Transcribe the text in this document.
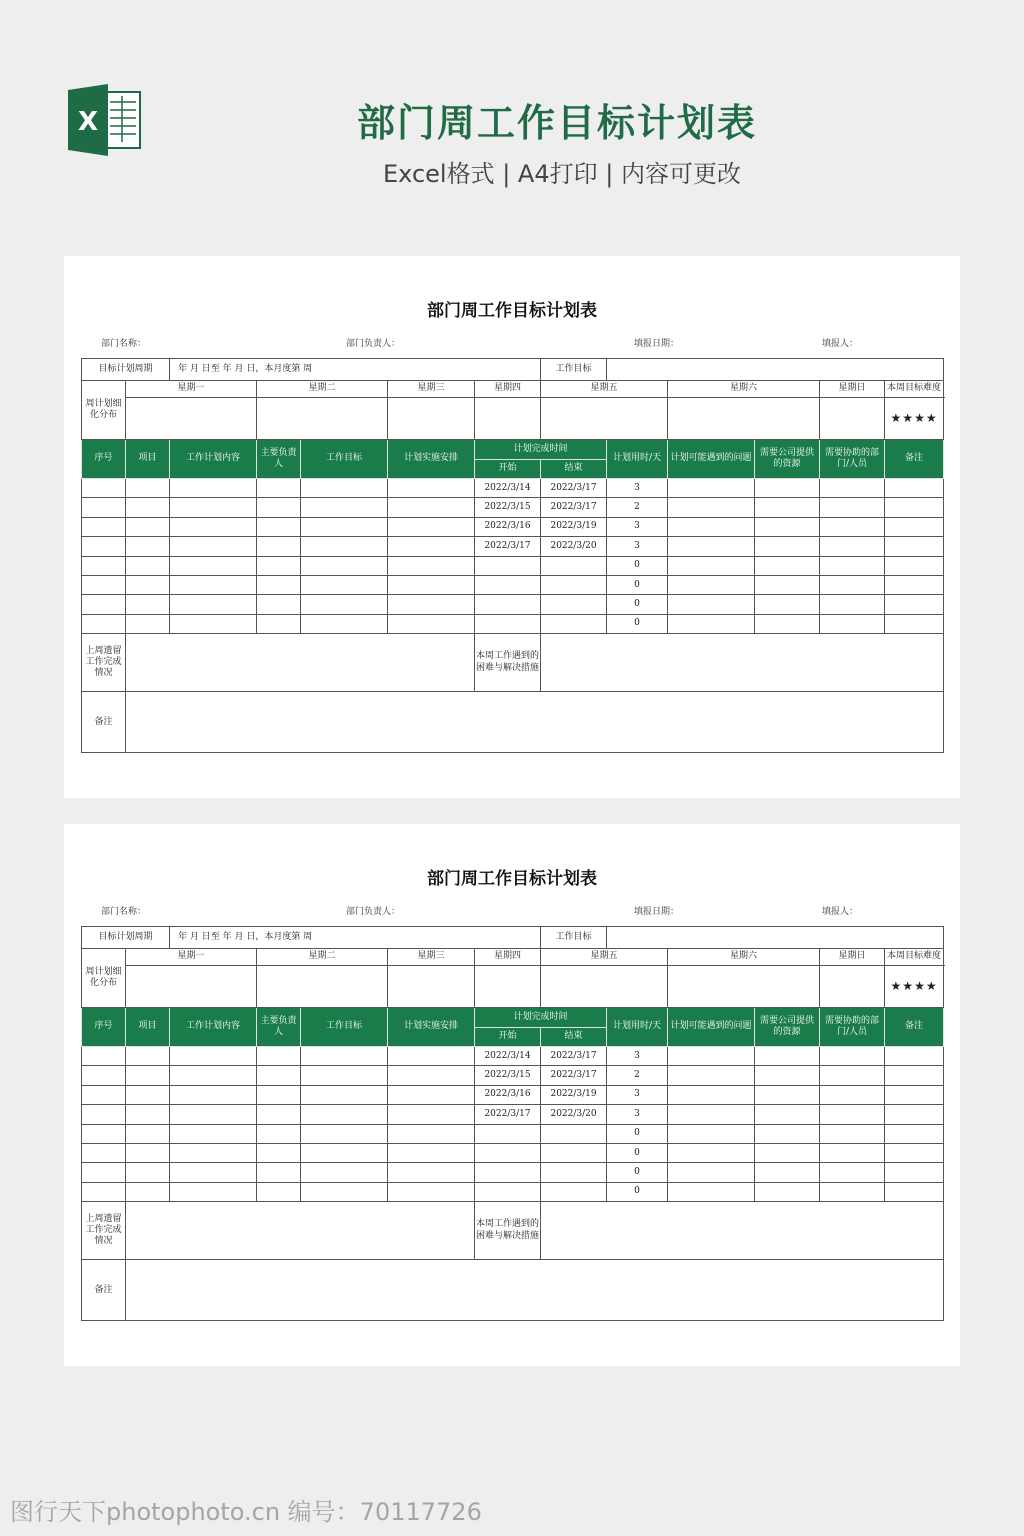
X	部门周工作目标计划表
Excel格式 | A4打印 | 内容可更改
部门周工作目标计划表
部门名称：	部门负责人：	填报日期：	填报人：
目标计划周期		年 月 日至 年 月 日，本月度第 周					工作目标					
周计划细化分布	星期一		星期二		星期三	星期四	星期五		星期六		星期日	本周目标难度
												★★★★
序号	项目	工作计划内容	主要负责人	工作目标	计划实施安排	计划完成时间		计划用时/天	计划可能遇到的问题	需要公司提供的资源	需要协助的部门/人员	备注
						开始	结束					
						2022/3/14	2022/3/17	3				
						2022/3/15	2022/3/17	2				
						2022/3/16	2022/3/19	3				
						2022/3/17	2022/3/20	3				
								0				
								0				
								0				
								0				
上周遗留工作完成情况						本周工作遇到的困难与解决措施						
备注												
部门周工作目标计划表
部门名称：	部门负责人：	填报日期：	填报人：
目标计划周期		年 月 日至 年 月 日，本月度第 周					工作目标					
周计划细化分布	星期一		星期二		星期三	星期四	星期五		星期六		星期日	本周目标难度
												★★★★
序号	项目	工作计划内容	主要负责人	工作目标	计划实施安排	计划完成时间		计划用时/天	计划可能遇到的问题	需要公司提供的资源	需要协助的部门/人员	备注
						开始	结束					
						2022/3/14	2022/3/17	3				
						2022/3/15	2022/3/17	2				
						2022/3/16	2022/3/19	3				
						2022/3/17	2022/3/20	3				
								0				
								0				
								0				
								0				
上周遗留工作完成情况						本周工作遇到的困难与解决措施						
备注												
图行天下photophoto.cn 编号：70117726
